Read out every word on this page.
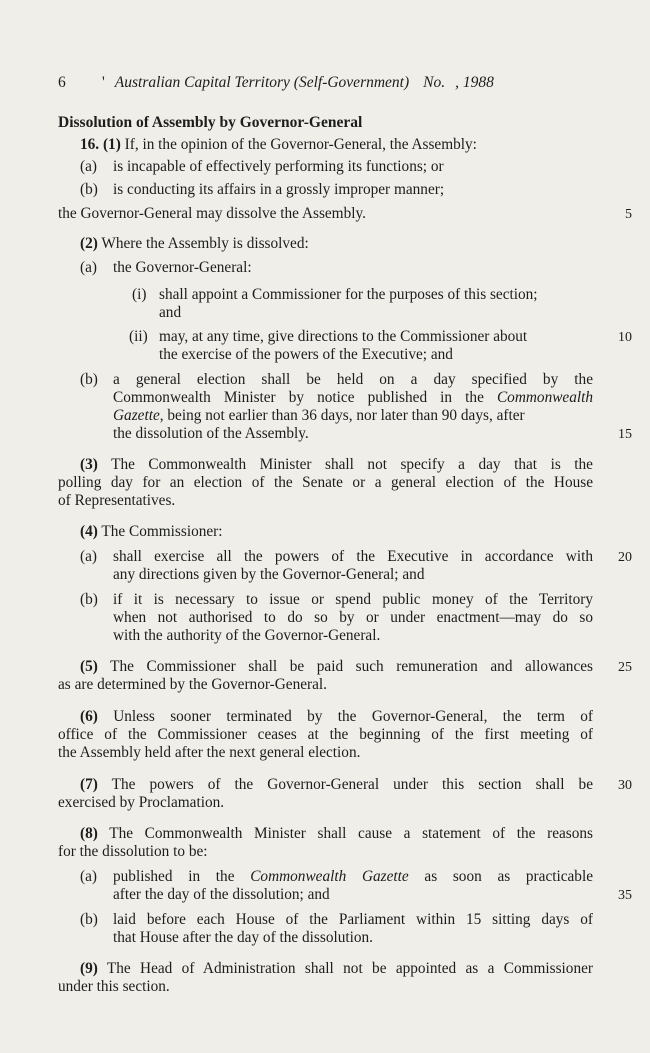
6 ' Australian Capital Territory (Self-Government) No. , 1988
Dissolution of Assembly by Governor-General
16. (1) If, in the opinion of the Governor-General, the Assembly:
(a) is incapable of effectively performing its functions; or
(b) is conducting its affairs in a grossly improper manner;
the Governor-General may dissolve the Assembly.	5
(2) Where the Assembly is dissolved:
(a) the Governor-General:
(i) shall appoint a Commissioner for the purposes of this section;
and
(ii) may, at any time, give directions to the Commissioner about	10
the exercise of the powers of the Executive; and
(b) a general election shall be held on a day specified by the
Commonwealth Minister by notice published in the Commonwealth
Gazette, being not earlier than 36 days, nor later than 90 days, after
the dissolution of the Assembly.	15
(3) The Commonwealth Minister shall not specify a day that is the
polling day for an election of the Senate or a general election of the House
of Representatives.
(4) The Commissioner:
(a) shall exercise all the powers of the Executive in accordance with 20
any directions given by the Governor-General; and
(b) if it is necessary to issue or spend public money of the Territory
when not authorised to do so by or under enactment—may do so
with the authority of the Governor-General.
(5) The Commissioner shall be paid such remuneration and allowances 25
as are determined by the Governor-General.
(6) Unless sooner terminated by the Governor-General, the term of
office of the Commissioner ceases at the beginning of the first meeting of
the Assembly held after the next general election.
(7) The powers of the Governor-General under this section shall be 30
exercised by Proclamation.
(8) The Commonwealth Minister shall cause a statement of the reasons
for the dissolution to be:
(a) published in the Commonwealth Gazette as soon as practicable
after the day of the dissolution; and	35
(b) laid before each House of the Parliament within 15 sitting days of
that House after the day of the dissolution.
(9) The Head of Administration shall not be appointed as a Commissioner
under this section.
